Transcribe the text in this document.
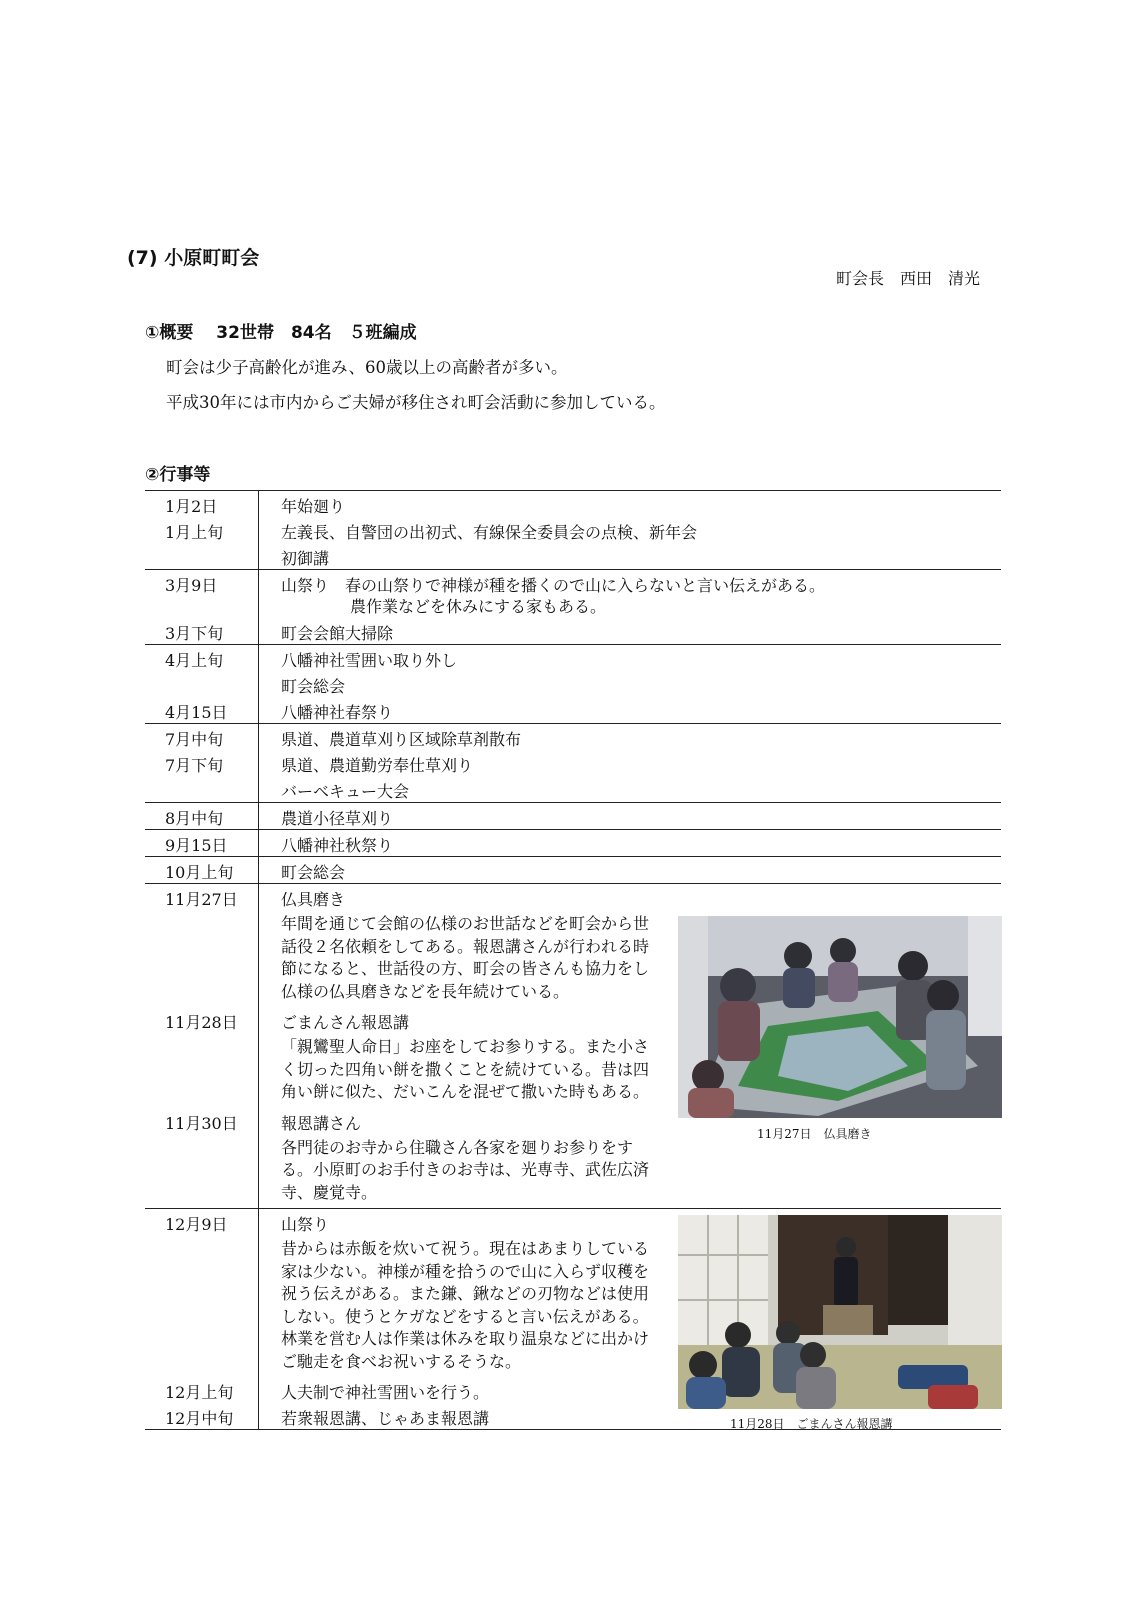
(7) 小原町町会
町会長　西田　清光
①概要　 32世帯　84名　５班編成
町会は少子高齢化が進み、60歳以上の高齢者が多い。
平成30年には市内からご夫婦が移住され町会活動に参加している。
②行事等
1月2日	年始廻り
1月上旬	左義長、自警団の出初式、有線保全委員会の点検、新年会
初御講
3月9日	山祭り　春の山祭りで神様が種を播くので山に入らないと言い伝えがある。
農作業などを休みにする家もある。
3月下旬	町会会館大掃除
4月上旬	八幡神社雪囲い取り外し
町会総会
4月15日	八幡神社春祭り
7月中旬	県道、農道草刈り区域除草剤散布
7月下旬	県道、農道勤労奉仕草刈り
バーベキュー大会
8月中旬	農道小径草刈り
9月15日	八幡神社秋祭り
10月上旬	町会総会
11月27日　仏具磨き
11月27日	仏具磨き
年間を通じて会館の仏様のお世話などを町会から世話役２名依頼をしてある。報恩講さんが行われる時節になると、世話役の方、町会の皆さんも協力をし仏様の仏具磨きなどを長年続けている。
11月28日	ごまんさん報恩講
「親鸞聖人命日」お座をしてお参りする。また小さく切った四角い餅を撒くことを続けている。昔は四角い餅に似た、だいこんを混ぜて撒いた時もある。
11月30日	報恩講さん
各門徒のお寺から住職さん各家を廻りお参りをする。小原町のお手付きのお寺は、光専寺、武佐広済寺、慶覚寺。
11月28日　ごまんさん報恩講
12月9日	山祭り
昔からは赤飯を炊いて祝う。現在はあまりしている家は少ない。神様が種を拾うので山に入らず収穫を祝う伝えがある。また鎌、鍬などの刃物などは使用しない。使うとケガなどをすると言い伝えがある。林業を営む人は作業は休みを取り温泉などに出かけご馳走を食べお祝いするそうな。
12月上旬	人夫制で神社雪囲いを行う。
12月中旬	若衆報恩講、じゃあま報恩講
